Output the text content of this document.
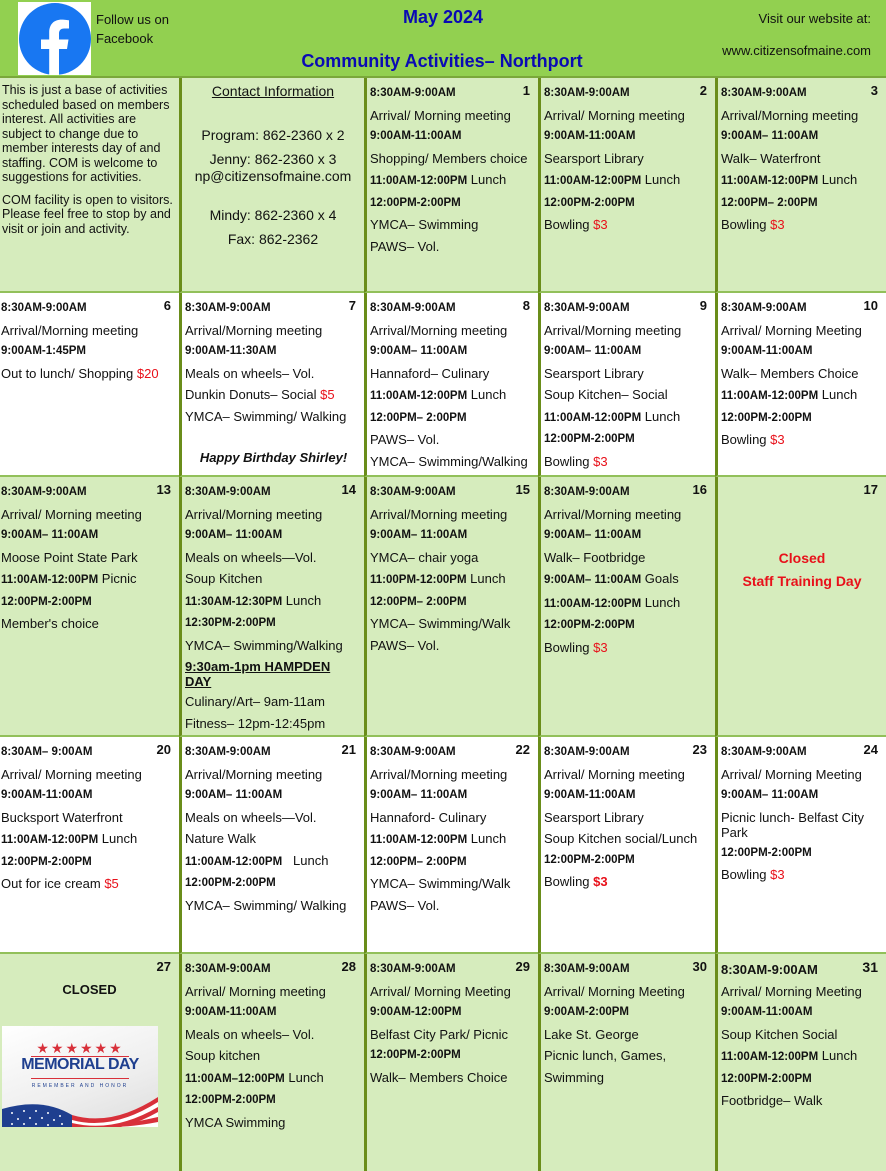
Follow us on Facebook
May 2024
Community Activities– Northport
Visit our website at:
www.citizensofmaine.com

This is just a base of activities scheduled based on members interest. All activities are subject to change due to member interests day of and staffing. COM is welcome to suggestions for activities.

COM facility is open to visitors. Please feel free to stop by and visit or join and activity.

Contact Information
Program: 862-2360 x 2
Jenny: 862-2360 x 3
np@citizensofmaine.com
Mindy: 862-2360 x 4
Fax: 862-2362
1
8:30AM-9:00AM
Arrival/ Morning meeting
9:00AM-11:00AM
Shopping/ Members choice
11:00AM-12:00PM Lunch
12:00PM-2:00PM
YMCA– Swimming
PAWS– Vol.
2
8:30AM-9:00AM
Arrival/ Morning meeting
9:00AM-11:00AM
Searsport Library
11:00AM-12:00PM Lunch
12:00PM-2:00PM
Bowling $3
3
8:30AM-9:00AM
Arrival/Morning meeting
9:00AM– 11:00AM
Walk– Waterfront
11:00AM-12:00PM Lunch
12:00PM– 2:00PM
Bowling $3
6
8:30AM-9:00AM
Arrival/Morning meeting
9:00AM-1:45PM
Out to lunch/ Shopping $20
7
8:30AM-9:00AM
Arrival/Morning meeting
9:00AM-11:30AM
Meals on wheels– Vol.
Dunkin Donuts– Social $5
YMCA– Swimming/ Walking
Happy Birthday Shirley!
8
8:30AM-9:00AM
Arrival/Morning meeting
9:00AM– 11:00AM
Hannaford– Culinary
11:00AM-12:00PM Lunch
12:00PM– 2:00PM
PAWS– Vol.
YMCA– Swimming/Walking
9
8:30AM-9:00AM
Arrival/Morning meeting
9:00AM– 11:00AM
Searsport Library
Soup Kitchen– Social
11:00AM-12:00PM Lunch
12:00PM-2:00PM
Bowling $3
10
8:30AM-9:00AM
Arrival/ Morning Meeting
9:00AM-11:00AM
Walk– Members Choice
11:00AM-12:00PM Lunch
12:00PM-2:00PM
Bowling $3
13
8:30AM-9:00AM
Arrival/ Morning meeting
9:00AM– 11:00AM
Moose Point State Park
11:00AM-12:00PM Picnic
12:00PM-2:00PM
Member's choice
14
8:30AM-9:00AM
Arrival/Morning meeting
9:00AM– 11:00AM
Meals on wheels—Vol.
Soup Kitchen
11:30AM-12:30PM Lunch
12:30PM-2:00PM
YMCA– Swimming/Walking
9:30am-1pm HAMPDEN DAY
Culinary/Art– 9am-11am
Fitness– 12pm-12:45pm
15
8:30AM-9:00AM
Arrival/Morning meeting
9:00AM– 11:00AM
YMCA– chair yoga
11:00PM-12:00PM Lunch
12:00PM– 2:00PM
YMCA– Swimming/Walk
PAWS– Vol.
16
8:30AM-9:00AM
Arrival/Morning meeting
9:00AM– 11:00AM
Walk– Footbridge
9:00AM– 11:00AM Goals
11:00AM-12:00PM Lunch
12:00PM-2:00PM
Bowling $3
17
Closed
Staff Training Day
20
8:30AM– 9:00AM
Arrival/ Morning meeting
9:00AM-11:00AM
Bucksport Waterfront
11:00AM-12:00PM Lunch
12:00PM-2:00PM
Out for ice cream $5
21
8:30AM-9:00AM
Arrival/Morning meeting
9:00AM– 11:00AM
Meals on wheels—Vol.
Nature Walk
11:00AM-12:00PM   Lunch
12:00PM-2:00PM
YMCA– Swimming/ Walking
22
8:30AM-9:00AM
Arrival/Morning meeting
9:00AM– 11:00AM
Hannaford- Culinary
11:00AM-12:00PM Lunch
12:00PM– 2:00PM
YMCA– Swimming/Walk
PAWS– Vol.
23
8:30AM-9:00AM
Arrival/ Morning meeting
9:00AM-11:00AM
Searsport Library
Soup Kitchen social/Lunch
12:00PM-2:00PM
Bowling $3
24
8:30AM-9:00AM
Arrival/ Morning Meeting
9:00AM– 11:00AM
Picnic lunch- Belfast City Park
12:00PM-2:00PM
Bowling $3
27
CLOSED
★★★★★★
MEMORIAL DAY
REMEMBER AND HONOR
28
8:30AM-9:00AM
Arrival/ Morning meeting
9:00AM-11:00AM
Meals on wheels– Vol.
Soup kitchen
11:00AM–12:00PM Lunch
12:00PM-2:00PM
YMCA Swimming
29
8:30AM-9:00AM
Arrival/ Morning Meeting
9:00AM-12:00PM
Belfast City Park/ Picnic
12:00PM-2:00PM
Walk– Members Choice
30
8:30AM-9:00AM
Arrival/ Morning Meeting
9:00AM-2:00PM
Lake St. George
Picnic lunch, Games,
Swimming
31
8:30AM-9:00AM
Arrival/ Morning Meeting
9:00AM-11:00AM
Soup Kitchen Social
11:00AM-12:00PM Lunch
12:00PM-2:00PM
Footbridge– Walk
